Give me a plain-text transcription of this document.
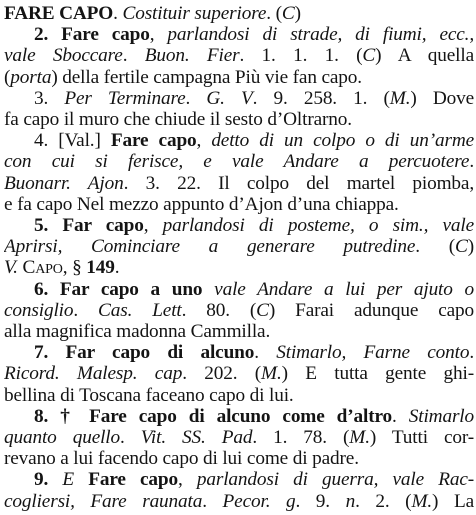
FARE CAPO. Costituir superiore. (C)
2. Fare capo, parlandosi di strade, di fiumi, ecc.,
vale Sboccare. Buon. Fier. 1. 1. 1. (C) A quella
(porta) della fertile campagna Più vie fan capo.
3. Per Terminare. G. V. 9. 258. 1. (M.) Dove
fa capo il muro che chiude il sesto d’Oltrarno.
4. [Val.] Fare capo, detto di un colpo o di un’arme
con cui si ferisce, e vale Andare a percuotere.
Buonarr. Ajon. 3. 22. Il colpo del martel piomba,
e fa capo Nel mezzo appunto d’Ajon d’una chiappa.
5. Far capo, parlandosi di posteme, o sim., vale
Aprirsi, Cominciare a generare putredine. (C)
V. Capo, § 149.
6. Far capo a uno vale Andare a lui per ajuto o
consiglio. Cas. Lett. 80. (C) Farai adunque capo
alla magnifica madonna Cammilla.
7. Far capo di alcuno. Stimarlo, Farne conto.
Ricord. Malesp. cap. 202. (M.) E tutta gente ghi-
bellina di Toscana faceano capo di lui.
8. † Fare capo di alcuno come d’altro. Stimarlo
quanto quello. Vit. SS. Pad. 1. 78. (M.) Tutti cor-
revano a lui facendo capo di lui come di padre.
9. E Fare capo, parlandosi di guerra, vale Rac-
cogliersi, Fare raunata. Pecor. g. 9. n. 2. (M.) La
